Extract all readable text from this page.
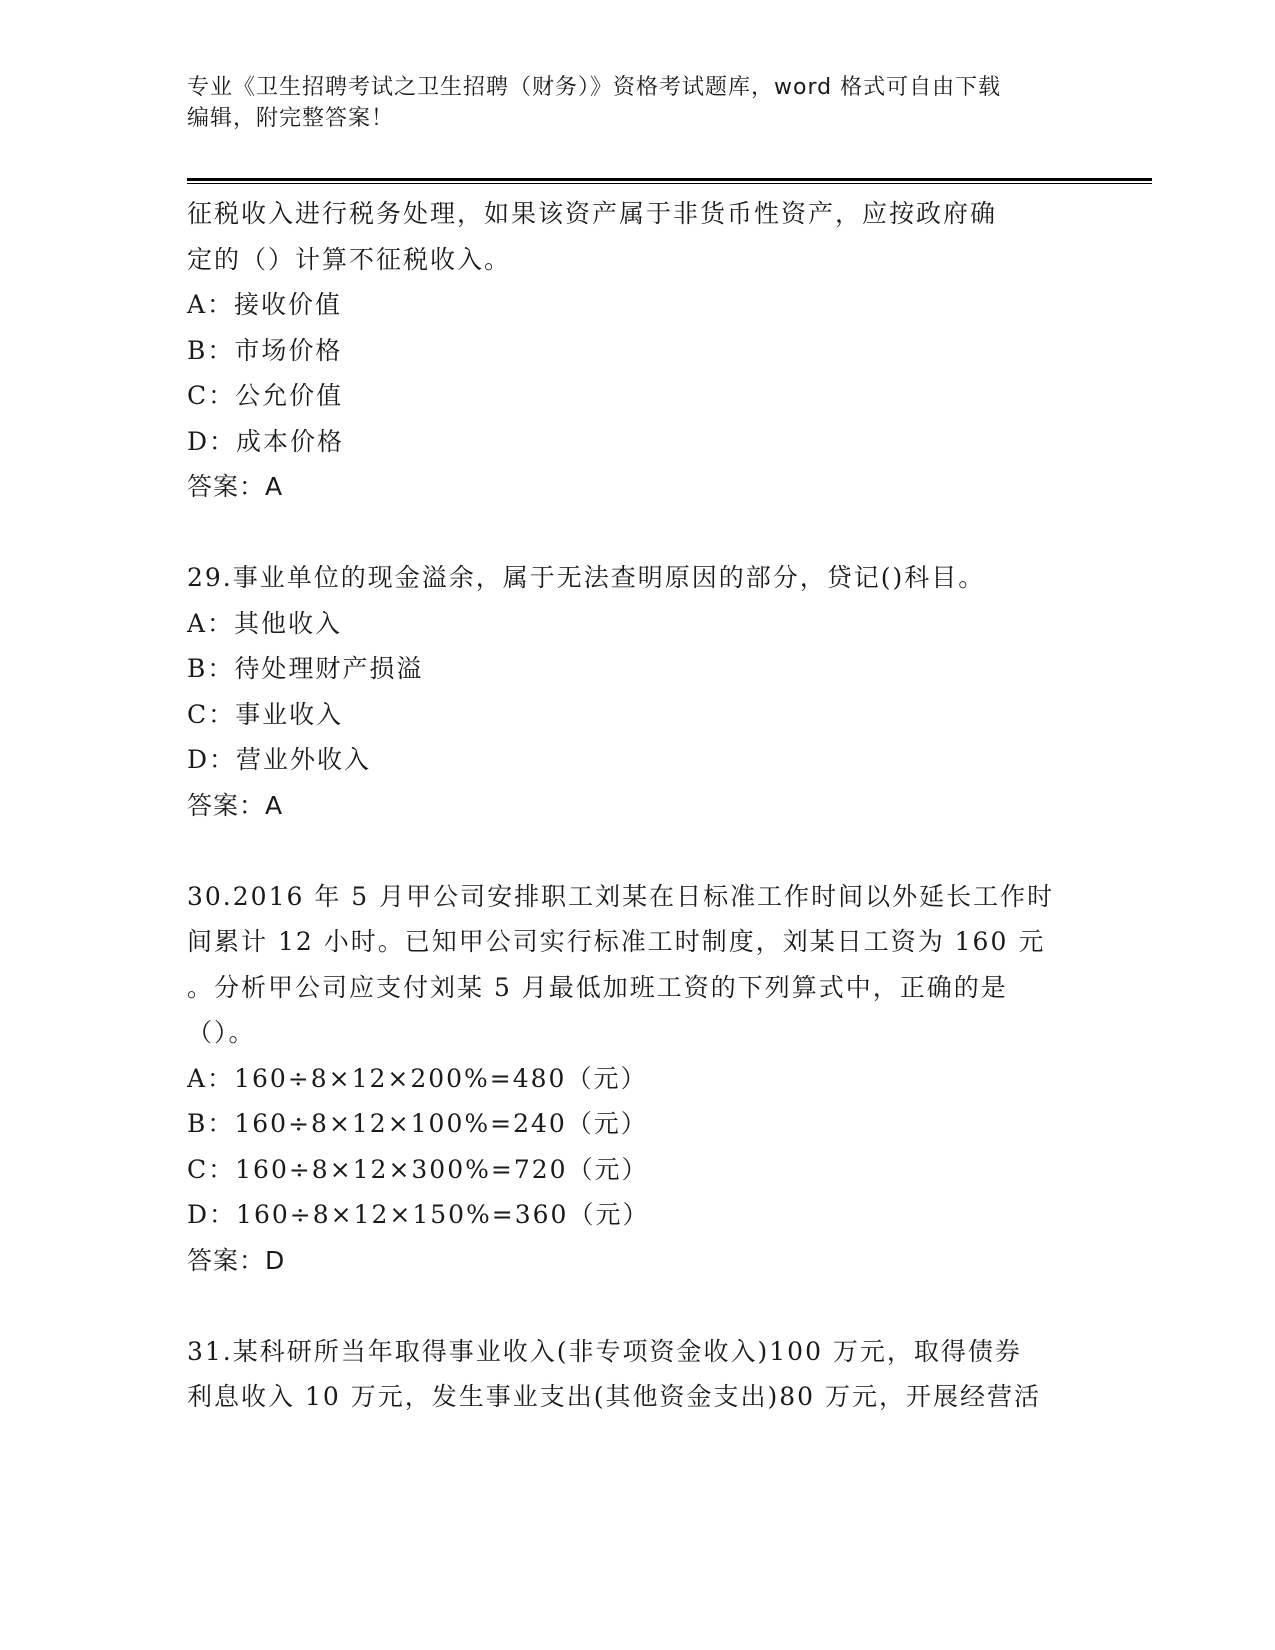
专业《卫生招聘考试之卫生招聘（财务）》资格考试题库，word 格式可自由下载
编辑，附完整答案！
征税收入进行税务处理，如果该资产属于非货币性资产，应按政府确
定的（）计算不征税收入。
A：接收价值
B：市场价格
C：公允价值
D：成本价格
答案：A
29.事业单位的现金溢余，属于无法查明原因的部分，贷记()科目。
A：其他收入
B：待处理财产损溢
C：事业收入
D：营业外收入
答案：A
30.2016 年 5 月甲公司安排职工刘某在日标准工作时间以外延长工作时
间累计 12 小时。已知甲公司实行标准工时制度，刘某日工资为 160 元
。分析甲公司应支付刘某 5 月最低加班工资的下列算式中，正确的是
（）。
A：160÷8×12×200%=480（元）
B：160÷8×12×100%=240（元）
C：160÷8×12×300%=720（元）
D：160÷8×12×150%=360（元）
答案：D
31.某科研所当年取得事业收入(非专项资金收入)100 万元，取得债券
利息收入 10 万元，发生事业支出(其他资金支出)80 万元，开展经营活
